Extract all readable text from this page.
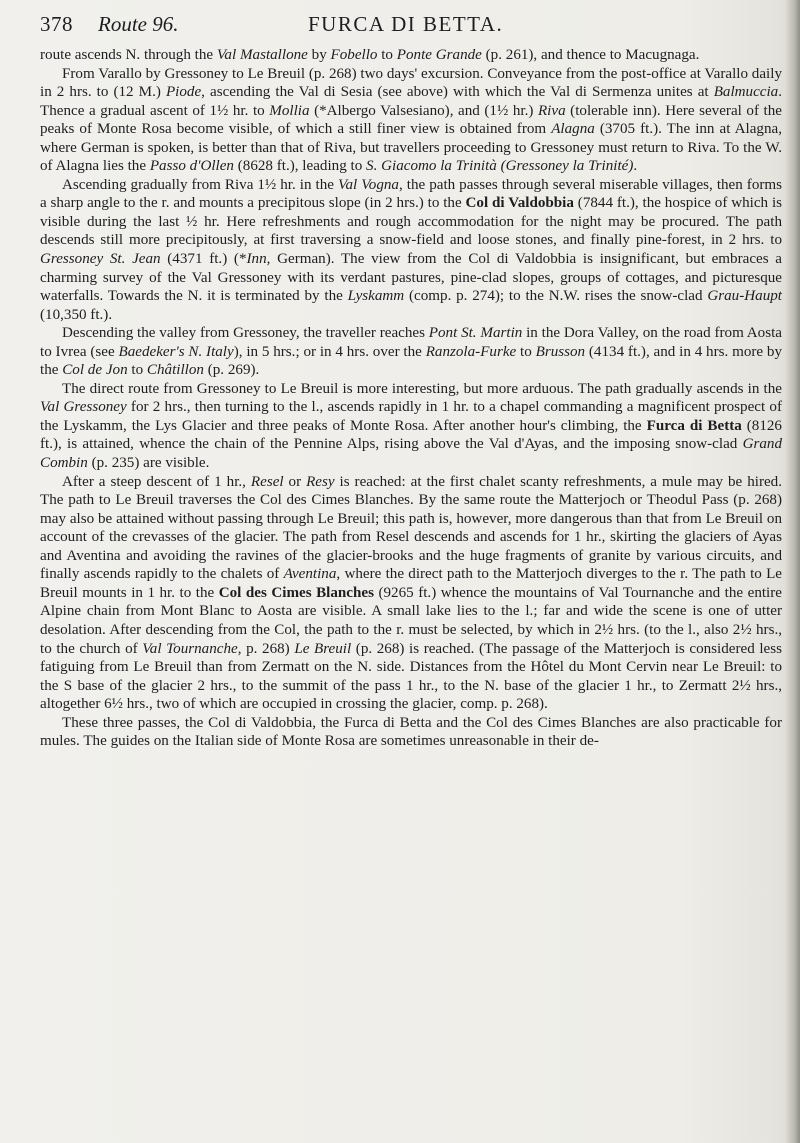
378 Route 96.	FURCA DI BETTA.

route ascends N. through the Val Mastallone by Fobello to Ponte Grande (p. 261), and thence to Macugnaga.

From Varallo by Gressoney to Le Breuil (p. 268) two days' excursion. Conveyance from the post-office at Varallo daily in 2 hrs. to (12 M.) Piode, ascending the Val di Sesia (see above) with which the Val di Sermenza unites at Balmuccia. Thence a gradual ascent of 1½ hr. to Mollia (*Albergo Valsesiano), and (1½ hr.) Riva (tolerable inn). Here several of the peaks of Monte Rosa become visible, of which a still finer view is obtained from Alagna (3705 ft.). The inn at Alagna, where German is spoken, is better than that of Riva, but travellers proceeding to Gressoney must return to Riva. To the W. of Alagna lies the Passo d'Ollen (8628 ft.), leading to S. Giacomo la Trinità (Gressoney la Trinité).

Ascending gradually from Riva 1½ hr. in the Val Vogna, the path passes through several miserable villages, then forms a sharp angle to the r. and mounts a precipitous slope (in 2 hrs.) to the Col di Valdobbia (7844 ft.), the hospice of which is visible during the last ½ hr. Here refreshments and rough accommodation for the night may be procured. The path descends still more precipitously, at first traversing a snow-field and loose stones, and finally pine-forest, in 2 hrs. to Gressoney St. Jean (4371 ft.) (*Inn, German). The view from the Col di Valdobbia is insignificant, but embraces a charming survey of the Val Gressoney with its verdant pastures, pine-clad slopes, groups of cottages, and picturesque waterfalls. Towards the N. it is terminated by the Lyskamm (comp. p. 274); to the N.W. rises the snow-clad Grau-Haupt (10,350 ft.).

Descending the valley from Gressoney, the traveller reaches Pont St. Martin in the Dora Valley, on the road from Aosta to Ivrea (see Baedeker's N. Italy), in 5 hrs.; or in 4 hrs. over the Ranzola-Furke to Brusson (4134 ft.), and in 4 hrs. more by the Col de Jon to Châtillon (p. 269).

The direct route from Gressoney to Le Breuil is more interesting, but more arduous. The path gradually ascends in the Val Gressoney for 2 hrs., then turning to the l., ascends rapidly in 1 hr. to a chapel commanding a magnificent prospect of the Lyskamm, the Lys Glacier and three peaks of Monte Rosa. After another hour's climbing, the Furca di Betta (8126 ft.), is attained, whence the chain of the Pennine Alps, rising above the Val d'Ayas, and the imposing snow-clad Grand Combin (p. 235) are visible.

After a steep descent of 1 hr., Resel or Resy is reached: at the first chalet scanty refreshments, a mule may be hired. The path to Le Breuil traverses the Col des Cimes Blanches. By the same route the Matterjoch or Theodul Pass (p. 268) may also be attained without passing through Le Breuil; this path is, however, more dangerous than that from Le Breuil on account of the crevasses of the glacier. The path from Resel descends and ascends for 1 hr., skirting the glaciers of Ayas and Aventina and avoiding the ravines of the glacier-brooks and the huge fragments of granite by various circuits, and finally ascends rapidly to the chalets of Aventina, where the direct path to the Matterjoch diverges to the r. The path to Le Breuil mounts in 1 hr. to the Col des Cimes Blanches (9265 ft.) whence the mountains of Val Tournanche and the entire Alpine chain from Mont Blanc to Aosta are visible. A small lake lies to the l.; far and wide the scene is one of utter desolation. After descending from the Col, the path to the r. must be selected, by which in 2½ hrs. (to the l., also 2½ hrs., to the church of Val Tournanche, p. 268) Le Breuil (p. 268) is reached. (The passage of the Matterjoch is considered less fatiguing from Le Breuil than from Zermatt on the N. side. Distances from the Hôtel du Mont Cervin near Le Breuil: to the S base of the glacier 2 hrs., to the summit of the pass 1 hr., to the N. base of the glacier 1 hr., to Zermatt 2½ hrs., altogether 6½ hrs., two of which are occupied in crossing the glacier, comp. p. 268).

These three passes, the Col di Valdobbia, the Furca di Betta and the Col des Cimes Blanches are also practicable for mules. The guides on the Italian side of Monte Rosa are sometimes unreasonable in their de-
